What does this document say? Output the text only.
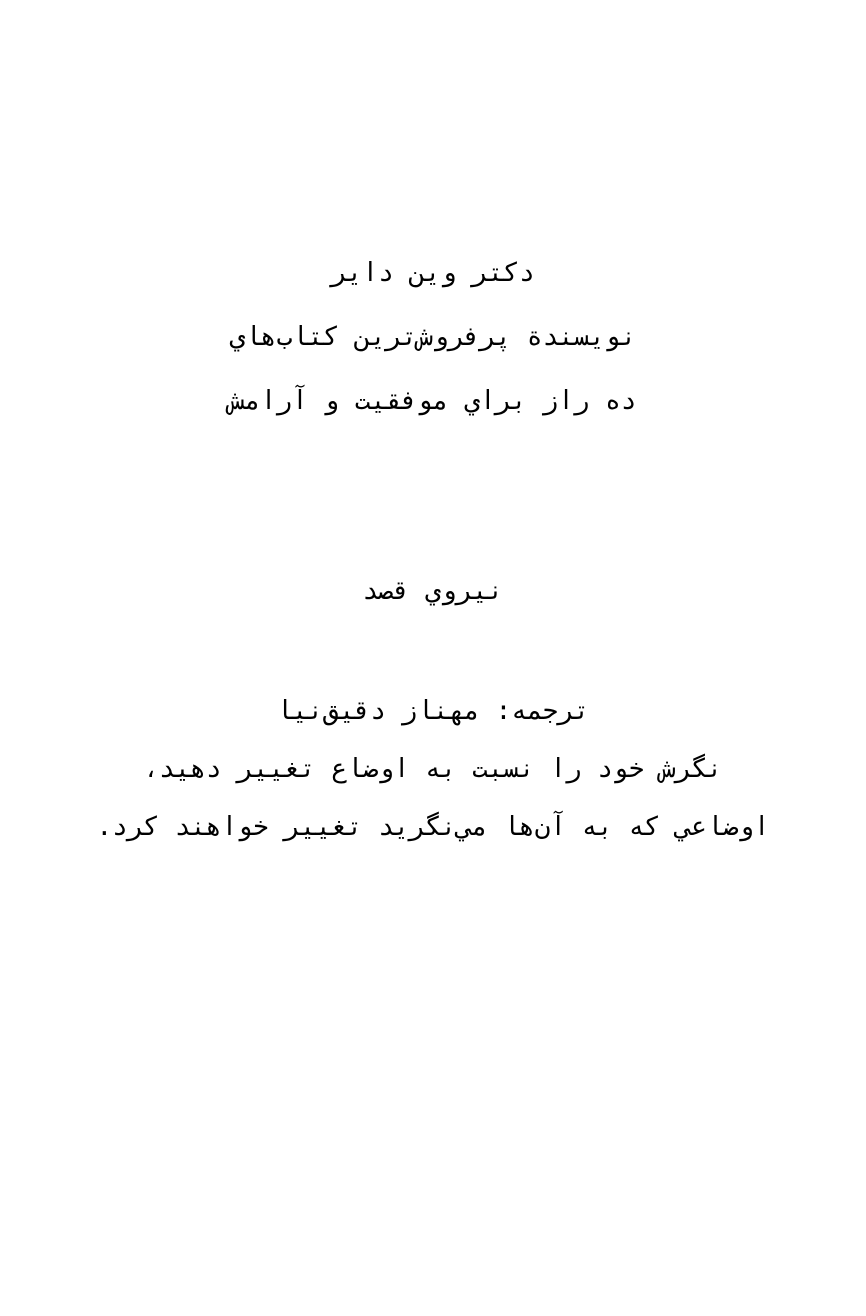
دکتر وین دایر
نویسندة پرفروش‌ترین کتاب‌هاي
ده راز براي موفقيت و آرامش
نیروي قصد
ترجمه: مهناز دقیق‌نیا
نگرش خود را نسبت به اوضاع تغییر دهید،
اوضاعي که به آن‌ها مي‌نگرید تغییر خواهند کرد.
